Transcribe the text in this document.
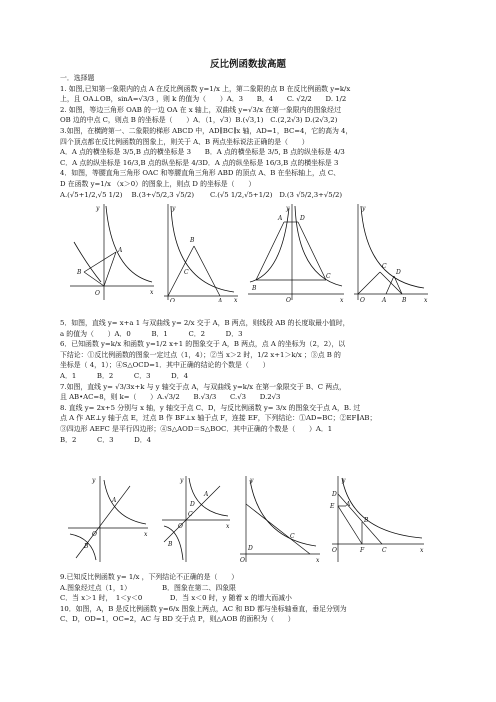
反比例函数拔高题
一．选择题
1. 如图,已知第一象限内的点 A 在反比例函数 y=1/x 上，第二象限的点 B 在反比例函数 y=k/x
上，且 OA⊥OB，sinA=√3/3 ，则 k 的值为（　　）A．3　　B．4　　C. √2/2　　D. 1/2
2. 如图，等边三角形 OAB 的一边 OA 在 x 轴上，双曲线 y=√3/x 在第一象限内的图象经过
OB 边的中点 C，则点 B 的坐标是（　　）A．（1，√3）B.(√3,1)　C.(2,2√3) D.(2√3,2)
3.如图，在横跨第一、二象限的梯形 ABCD 中，AD∥BC∥x 轴，AD=1，BC=4，它的高为 4，
四个顶点都在反比例函数的图象上，则关于 A、B 两点坐标说法正确的是（　　）
A．A 点的横坐标是 3/5,B 点的横坐标是 3　　B．A 点的横坐标是 3/5, B 点的纵坐标是 4/3
C．A 点的纵坐标是 16/3,B 点的纵坐标是 4/3D．A 点的纵坐标是 16/3,B 点的横坐标是 3
4．如图，等腰直角三角形 OAC 和等腰直角三角形 ABD 的顶点 A、B 在坐标轴上，点 C、
D 在函数 y=1/x （x＞0）的图象上，则点 D 的坐标是（　　）
A.(√5+1/2,√5 1/2)　 B.(3+√5/2,3 √5/2)　　 C.(√5 1/2,√5+1/2)　D.(3 √5/2,3+√5/2)
y
x
O
A
B
y
x
O	A
B
C
y
x
O
A
B
C
D
y
x
O	A	B
C
D
5．如图，直线 y= x+a 1 与双曲线 y= 2/x 交于 A，B 两点，则线段 AB 的长度取最小值时，
a 的值为（　　）A．0　　　B．1　　　C．2　　　D．3
6．已知函数 y=k/x 和函数 y=1/2 x+1 的图象交于 A，B 两点，点 A 的坐标为（2，2），以
下结论：①反比例函数的图象一定过点（1，4）；②当 x＞2 时，1/2 x+1＞k/x ；③点 B 的
坐标是（ 4，1）；④S△OCD=1．其中正确的结论的个数是（　　）
A．1　　　B．2　　　C．3　　　D．4
7.如图，直线 y= √3/3x+k 与 y 轴交于点 A，与双曲线 y=k/x 在第一象限交于 B、C 两点，
且 AB•AC=8，则 k=（　　）A.√3/2　　B.√3/3　　C.√3　　D.2√3
8. 直线 y= 2x+5 分别与 x 轴，y 轴交于点 C、D，与反比例函数 y= 3/x 的图象交于点 A，B. 过
点 A 作 AE⊥y 轴于点 E，过点 B 作 BF⊥x 轴于点 F，连接 EF，下列结论：①AD=BC；②EF∥AB；
③四边形 AEFC 是平行四边形；④S△AOD＝S△BOC．其中正确的个数是（　　）A．1
B．2　　　C．3　　　D．4
y
x
O
A
B
y
x
O
A
B
C
D
y
x
O
C
D
y
x
O
A
B
C
D
E
F
9.已知反比例函数 y= 1/x ，下列结论不正确的是（　　）
A.图象经过点（1，1）　　　　　B．图象在第二、四象限
C．当 x＞1 时，　1＜y＜0　　　　D．当 x＜0 时，y 随着 x 的增大而减小
10．如图，A，B 是反比例函数 y=6/x 图象上两点，AC 和 BD 都与坐标轴垂直，垂足分别为
C、D，OD=1，OC=2，AC 与 BD 交于点 P，则△AOB 的面积为（　　）
